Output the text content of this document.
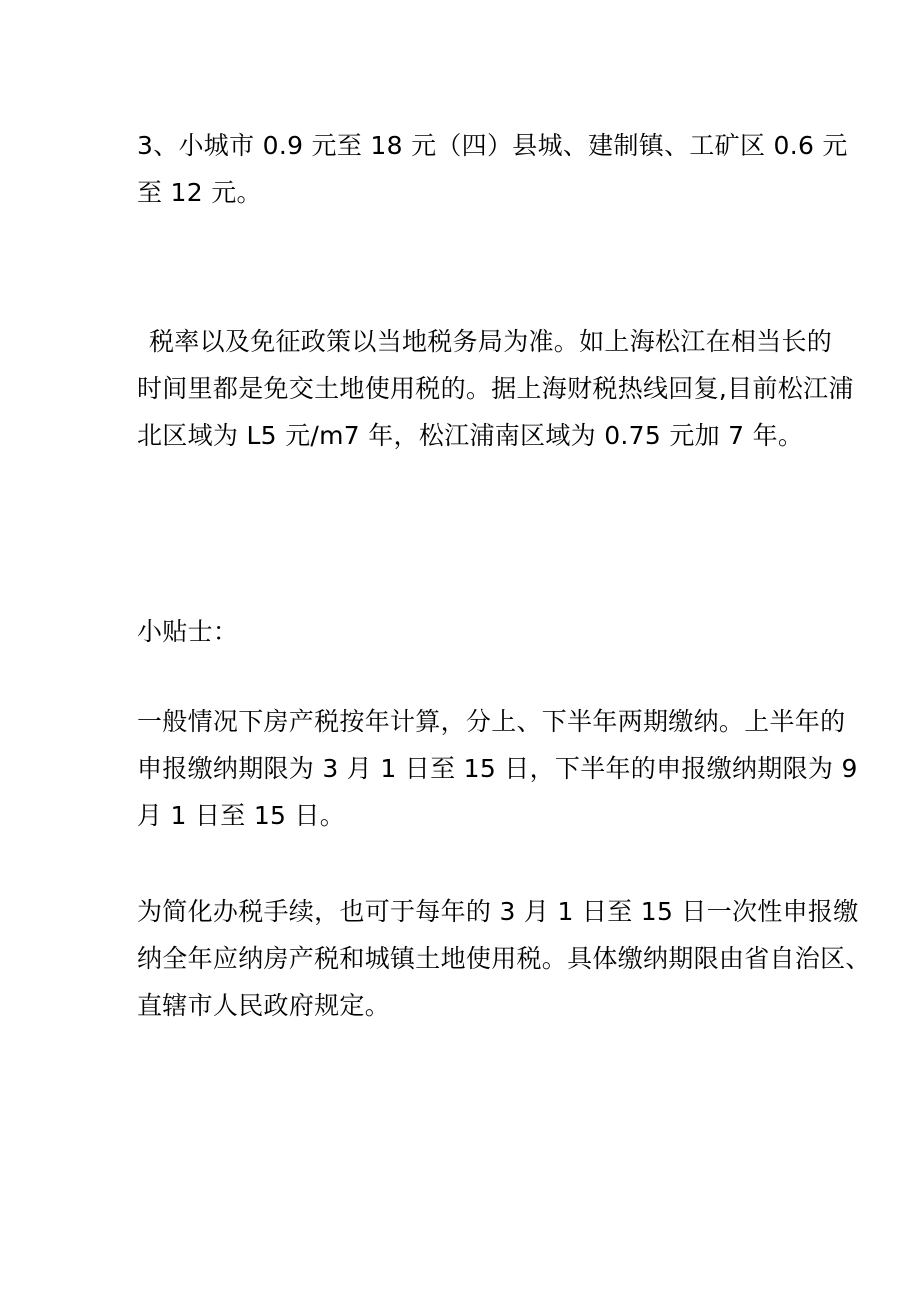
3、小城市 0.9 元至 18 元（四）县城、建制镇、工矿区 0.6 元
至 12 元。

税率以及免征政策以当地税务局为准。如上海松江在相当长的
时间里都是免交土地使用税的。据上海财税热线回复,目前松江浦
北区域为 L5 元∕m7 年，松江浦南区域为 0.75 元加 7 年。

小贴士：

一般情况下房产税按年计算，分上、下半年两期缴纳。上半年的
申报缴纳期限为 3 月 1 日至 15 日，下半年的申报缴纳期限为 9
月 1 日至 15 日。

为简化办税手续，也可于每年的 3 月 1 日至 15 日一次性申报缴
纳全年应纳房产税和城镇土地使用税。具体缴纳期限由省自治区、
直辖市人民政府规定。
